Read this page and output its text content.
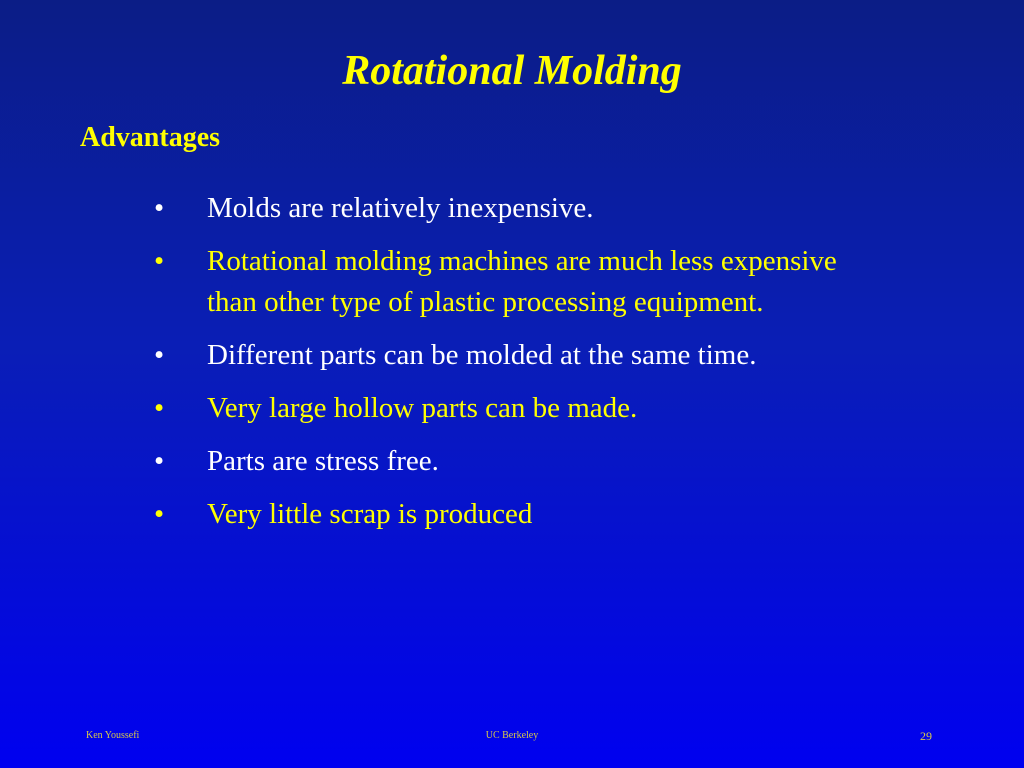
Rotational Molding
Advantages
• Molds are relatively inexpensive.
• Rotational molding machines are much less expensive than other type of plastic processing equipment.
• Different parts can be molded at the same time.
• Very large hollow parts can be made.
• Parts are stress free.
• Very little scrap is produced
Ken Youssefi	UC Berkeley	29
